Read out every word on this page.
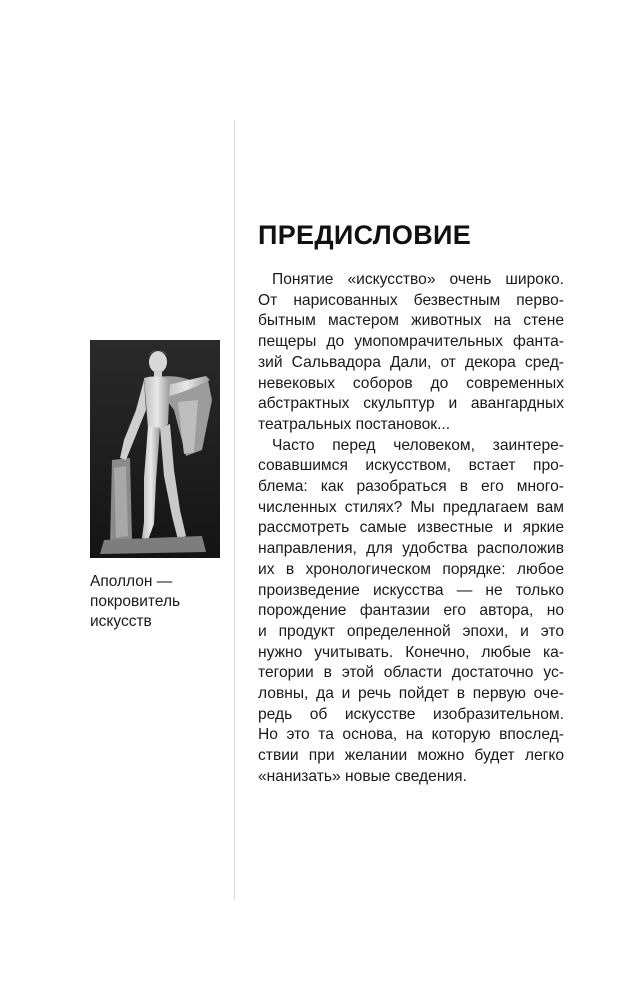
Аполлон —
покровитель
искусств
ПРЕДИСЛОВИЕ
Понятие «искусство» очень широко.
От нарисованных безвестным перво-
бытным мастером животных на стене
пещеры до умопомрачительных фанта-
зий Сальвадора Дали, от декора сред-
невековых соборов до современных
абстрактных скульптур и авангардных
театральных постановок...
Часто перед человеком, заинтере-
совавшимся искусством, встает про-
блема: как разобраться в его много-
численных стилях? Мы предлагаем вам
рассмотреть самые известные и яркие
направления, для удобства расположив
их в хронологическом порядке: любое
произведение искусства — не только
порождение фантазии его автора, но
и продукт определенной эпохи, и это
нужно учитывать. Конечно, любые ка-
тегории в этой области достаточно ус-
ловны, да и речь пойдет в первую оче-
редь об искусстве изобразительном.
Но это та основа, на которую впослед-
ствии при желании можно будет легко
«нанизать» новые сведения.
